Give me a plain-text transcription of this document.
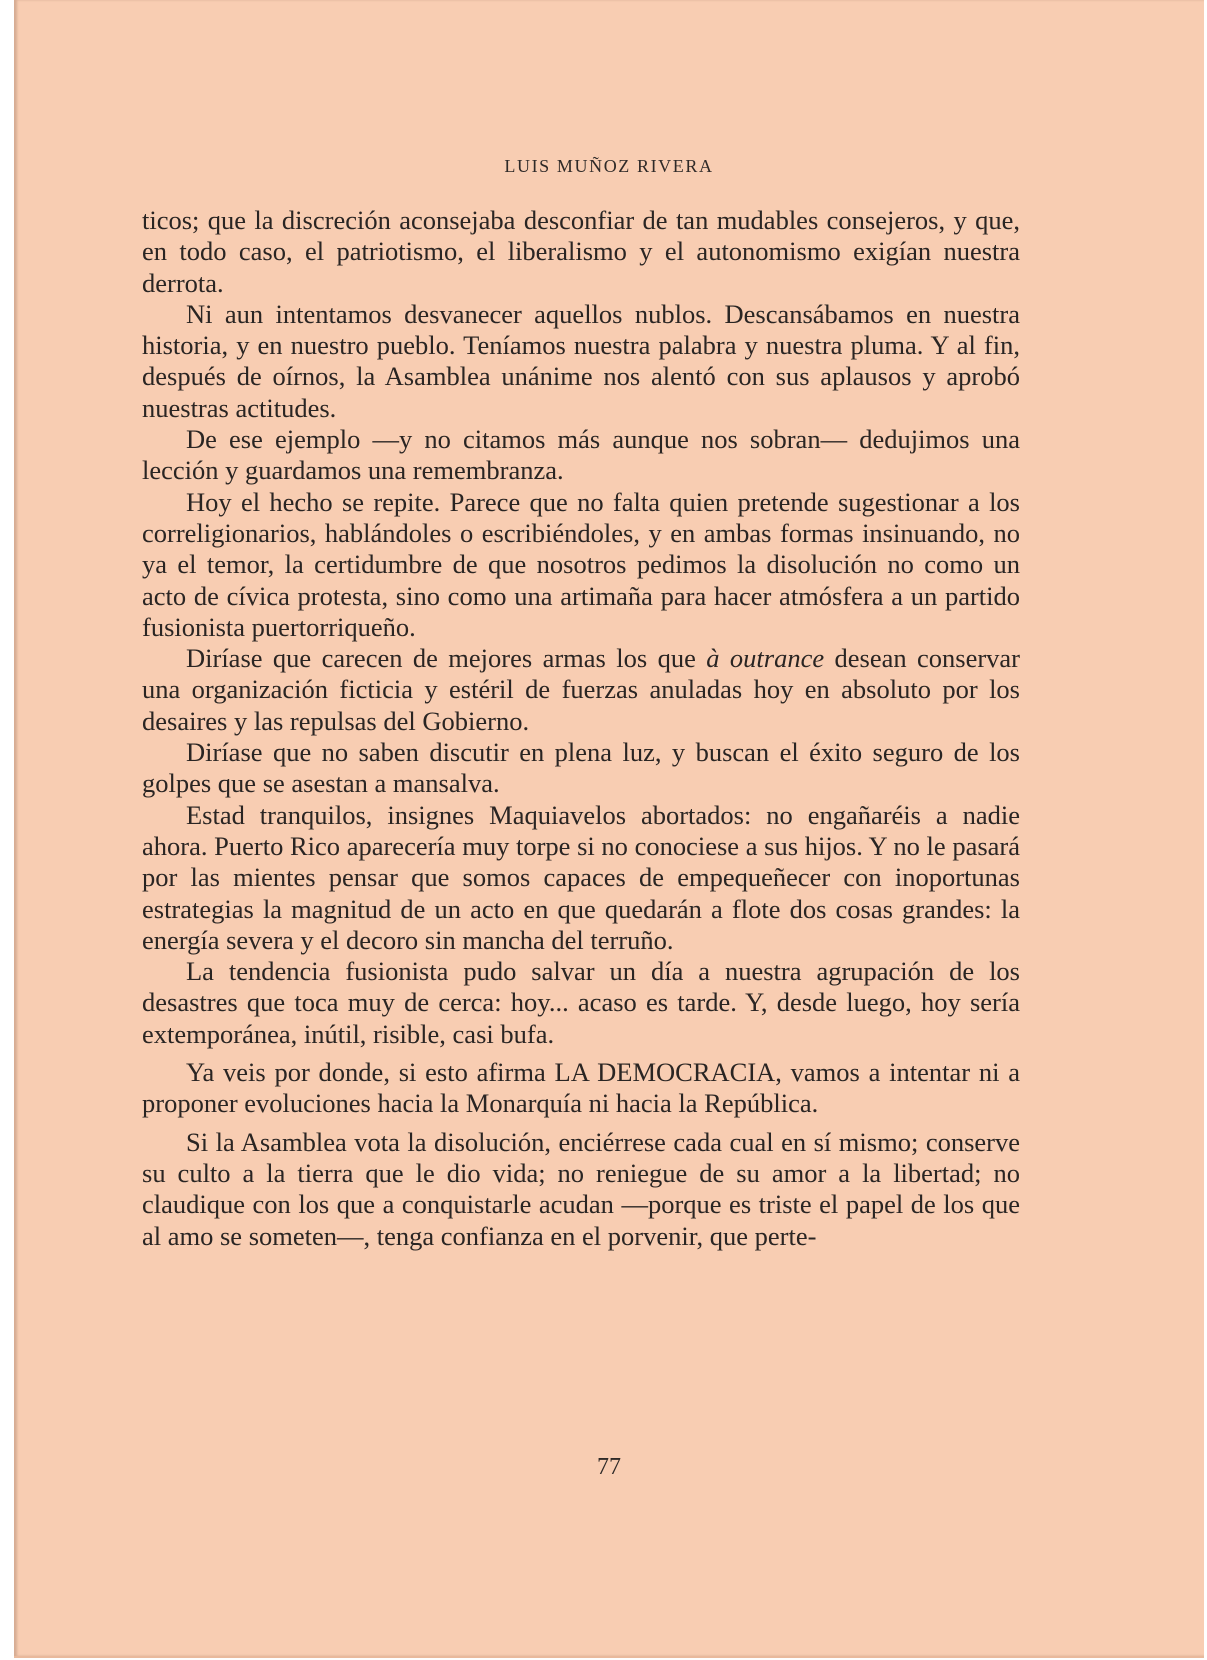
LUIS MUÑOZ RIVERA

ticos; que la discreción aconsejaba desconfiar de tan mudables consejeros, y que, en todo caso, el patriotismo, el liberalismo y el autonomismo exigían nuestra derrota.

Ni aun intentamos desvanecer aquellos nublos. Descansábamos en nuestra historia, y en nuestro pueblo. Teníamos nuestra palabra y nuestra pluma. Y al fin, después de oírnos, la Asamblea unánime nos alentó con sus aplausos y aprobó nuestras actitudes.

De ese ejemplo —y no citamos más aunque nos sobran— dedujimos una lección y guardamos una remembranza.

Hoy el hecho se repite. Parece que no falta quien pretende sugestionar a los correligionarios, hablándoles o escribiéndoles, y en ambas formas insinuando, no ya el temor, la certidumbre de que nosotros pedimos la disolución no como un acto de cívica protesta, sino como una artimaña para hacer atmósfera a un partido fusionista puertorriqueño.

Diríase que carecen de mejores armas los que à outrance desean conservar una organización ficticia y estéril de fuerzas anuladas hoy en absoluto por los desaires y las repulsas del Gobierno.

Diríase que no saben discutir en plena luz, y buscan el éxito seguro de los golpes que se asestan a mansalva.

Estad tranquilos, insignes Maquiavelos abortados: no engañaréis a nadie ahora. Puerto Rico aparecería muy torpe si no conociese a sus hijos. Y no le pasará por las mientes pensar que somos capaces de empequeñecer con inoportunas estrategias la magnitud de un acto en que quedarán a flote dos cosas grandes: la energía severa y el decoro sin mancha del terruño.

La tendencia fusionista pudo salvar un día a nuestra agrupación de los desastres que toca muy de cerca: hoy... acaso es tarde. Y, desde luego, hoy sería extemporánea, inútil, risible, casi bufa.

Ya veis por donde, si esto afirma LA DEMOCRACIA, vamos a intentar ni a proponer evoluciones hacia la Monarquía ni hacia la República.

Si la Asamblea vota la disolución, enciérrese cada cual en sí mismo; conserve su culto a la tierra que le dio vida; no reniegue de su amor a la libertad; no claudique con los que a conquistarle acudan —porque es triste el papel de los que al amo se someten—, tenga confianza en el porvenir, que perte-

77
